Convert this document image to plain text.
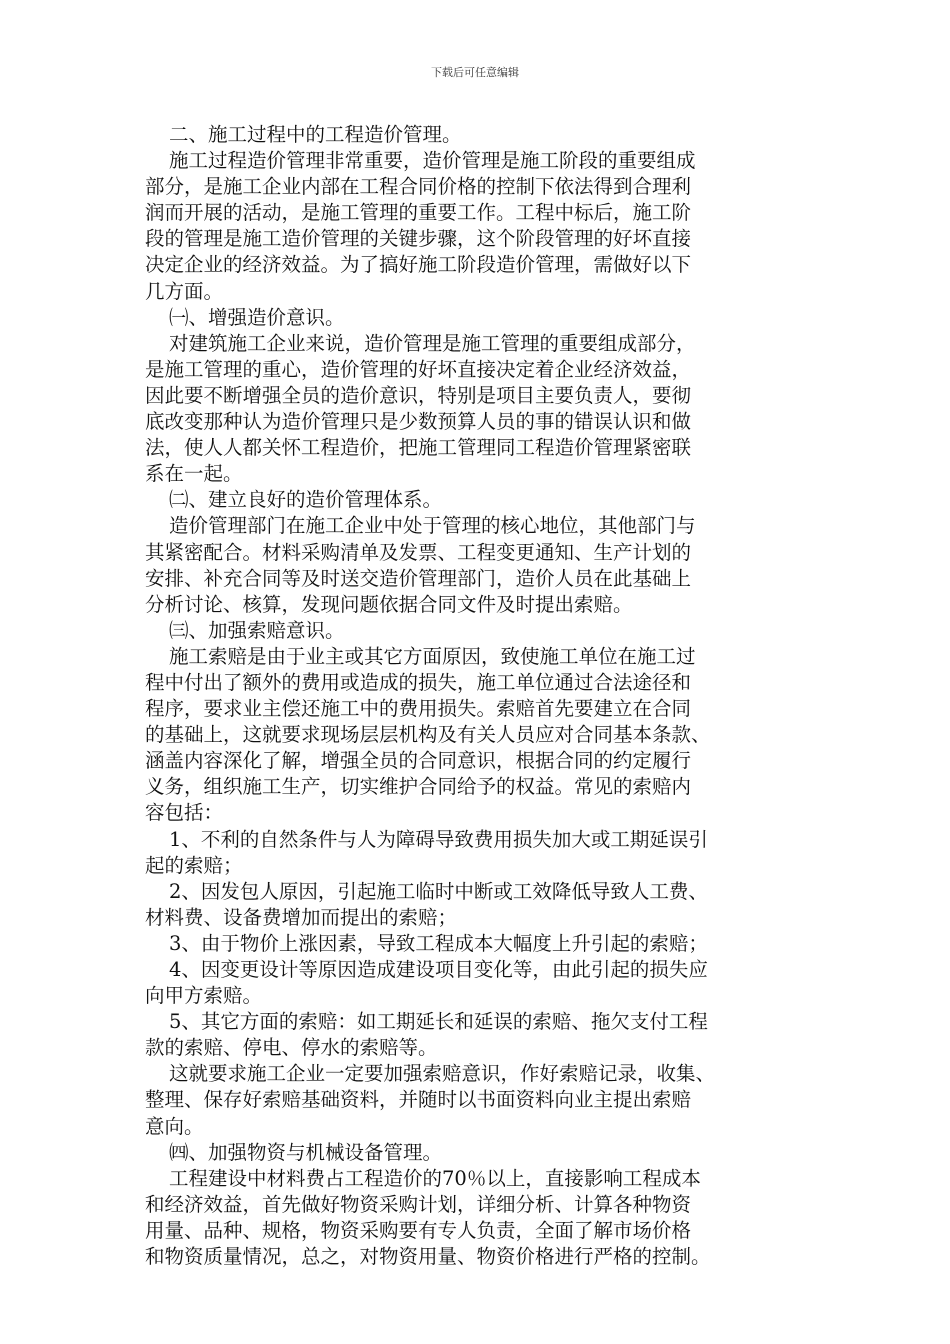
下载后可任意编辑
二、施工过程中的工程造价管理。
施工过程造价管理非常重要，造价管理是施工阶段的重要组成
部分，是施工企业内部在工程合同价格的控制下依法得到合理利
润而开展的活动，是施工管理的重要工作。工程中标后，施工阶
段的管理是施工造价管理的关键步骤，这个阶段管理的好坏直接
决定企业的经济效益。为了搞好施工阶段造价管理，需做好以下
几方面。
㈠、增强造价意识。
对建筑施工企业来说，造价管理是施工管理的重要组成部分，
是施工管理的重心，造价管理的好坏直接决定着企业经济效益，
因此要不断增强全员的造价意识，特别是项目主要负责人，要彻
底改变那种认为造价管理只是少数预算人员的事的错误认识和做
法，使人人都关怀工程造价，把施工管理同工程造价管理紧密联
系在一起。
㈡、建立良好的造价管理体系。
造价管理部门在施工企业中处于管理的核心地位，其他部门与
其紧密配合。材料采购清单及发票、工程变更通知、生产计划的
安排、补充合同等及时送交造价管理部门，造价人员在此基础上
分析讨论、核算，发现问题依据合同文件及时提出索赔。
㈢、加强索赔意识。
施工索赔是由于业主或其它方面原因，致使施工单位在施工过
程中付出了额外的费用或造成的损失，施工单位通过合法途径和
程序，要求业主偿还施工中的费用损失。索赔首先要建立在合同
的基础上，这就要求现场层层机构及有关人员应对合同基本条款、
涵盖内容深化了解，增强全员的合同意识，根据合同的约定履行
义务，组织施工生产，切实维护合同给予的权益。常见的索赔内
容包括：
1、不利的自然条件与人为障碍导致费用损失加大或工期延误引
起的索赔；
2、因发包人原因，引起施工临时中断或工效降低导致人工费、
材料费、设备费增加而提出的索赔；
3、由于物价上涨因素，导致工程成本大幅度上升引起的索赔；
4、因变更设计等原因造成建设项目变化等，由此引起的损失应
向甲方索赔。
5、其它方面的索赔：如工期延长和延误的索赔、拖欠支付工程
款的索赔、停电、停水的索赔等。
这就要求施工企业一定要加强索赔意识，作好索赔记录，收集、
整理、保存好索赔基础资料，并随时以书面资料向业主提出索赔
意向。
㈣、加强物资与机械设备管理。
工程建设中材料费占工程造价的70％以上，直接影响工程成本
和经济效益，首先做好物资采购计划，详细分析、计算各种物资
用量、品种、规格，物资采购要有专人负责，全面了解市场价格
和物资质量情况，总之，对物资用量、物资价格进行严格的控制。
